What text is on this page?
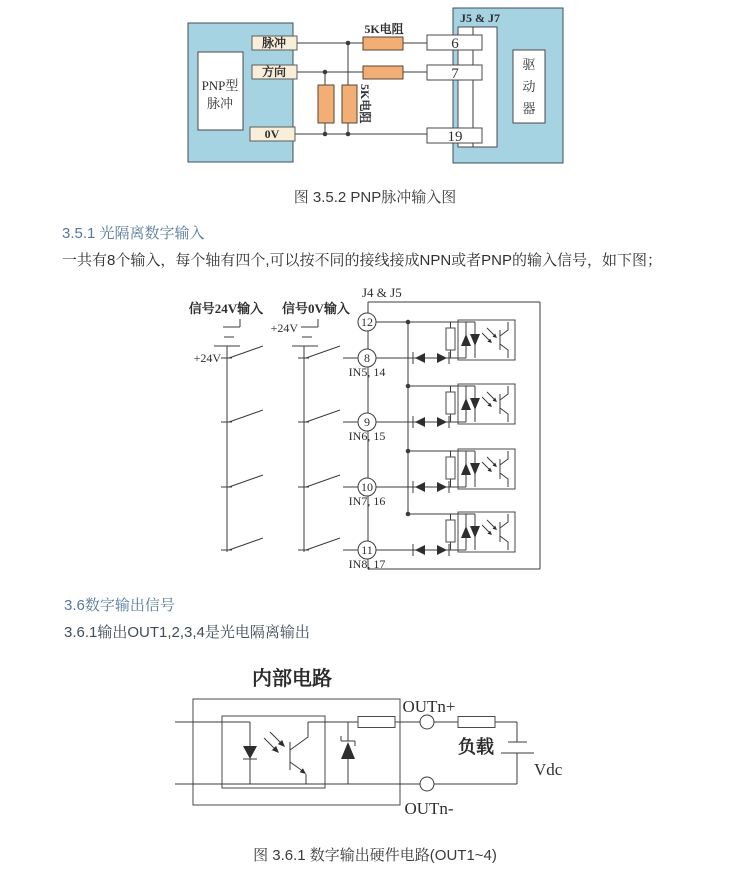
PNP型
脉冲
脉冲
方向
0V
5K电阻
5K电阻
J5 & J7
6
7
19
驱
动
器
J4 & J5
信号24V输入 信号0V输入
+24V
+24V
8
IN5, 14
9
IN6, 15
10
IN7, 16
11
IN8, 17
12
内部电路
OUTn+
OUTn-
负载
Vdc
图 3.5.2 PNP脉冲输入图
3.5.1 光隔离数字输入
一共有8个输入，每个轴有四个,可以按不同的接线接成NPN或者PNP的输入信号，如下图；
3.6数字输出信号
3.6.1输出OUT1,2,3,4是光电隔离输出
图 3.6.1 数字输出硬件电路(OUT1~4)
